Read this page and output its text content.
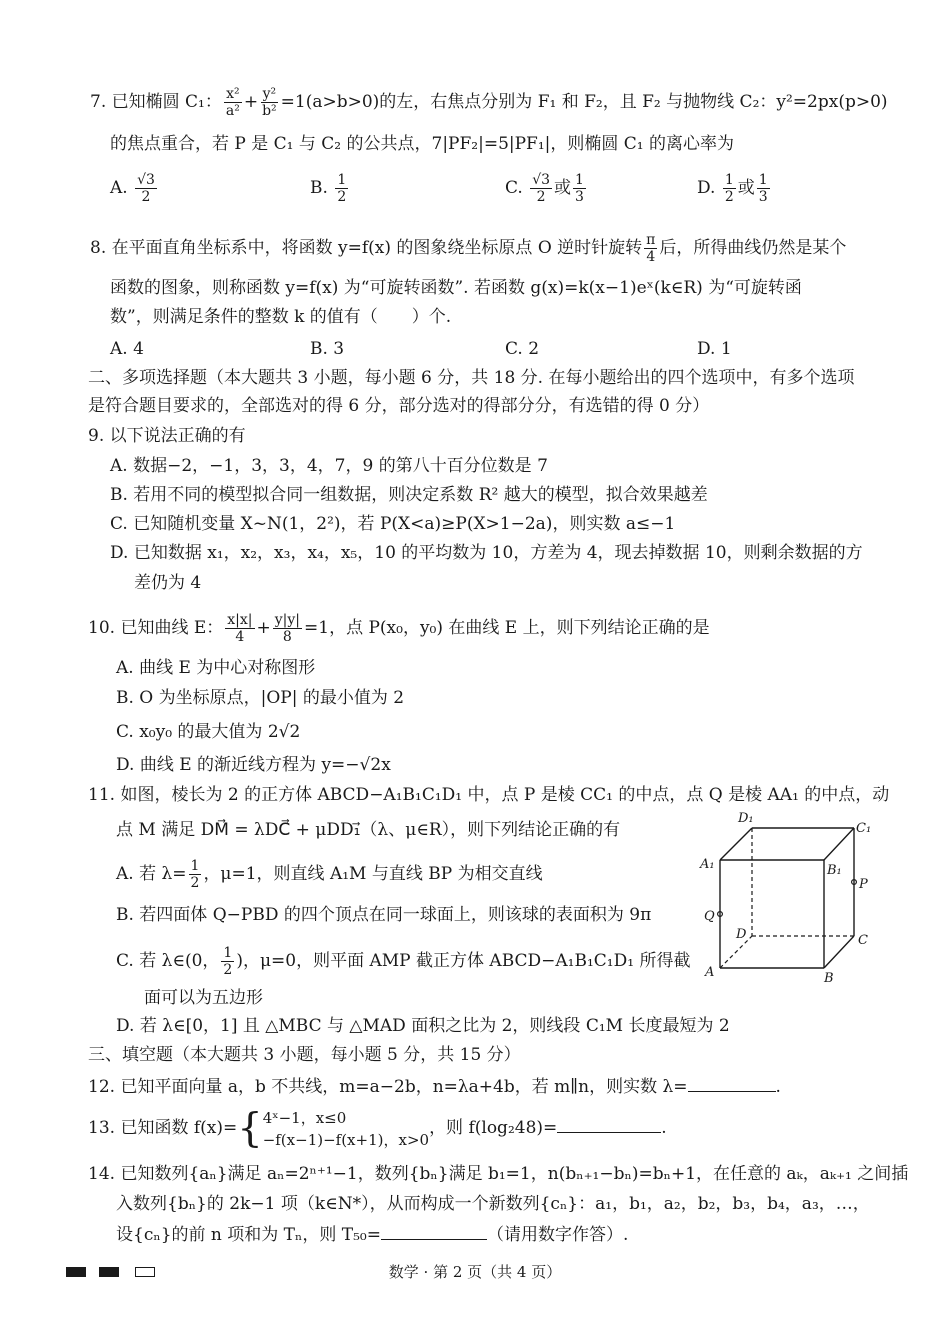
7. 已知椭圆 C₁： $\frac{\text{x²}}{\text{a²}} + \frac{\text{y²}}{\text{b²}} =1(a>b>0)$的左，右焦点分别为 F₁ 和 F₂，且 F₂ 与抛物线 C₂：y²=2px(p>0)
的焦点重合，若 P 是 C₁ 与 C₂ 的公共点，7|PF₂|=5|PF₁|，则椭圆 C₁ 的离心率为
A. $\frac{√3}{2}$	B. $\frac{1}{2}$	C. $\frac{√3}{2}$ 或 $\frac{1}{3}$	D. $\frac{1}{2}$ 或 $\frac{1}{3}$
8. 在平面直角坐标系中，将函数 y=f(x) 的图象绕坐标原点 O 逆时针旋转 $\frac{\pi}{4}$ 后，所得曲线仍然是某个
函数的图象，则称函数 y=f(x) 为“可旋转函数”. 若函数 g(x)=k(x−1)eˣ(k∈R) 为“可旋转函
数”，则满足条件的整数 k 的值有（　　）个.
A. 4	B. 3	C. 2	D. 1
二、多项选择题（本大题共 3 小题，每小题 6 分，共 18 分. 在每小题给出的四个选项中，有多个选项
是符合题目要求的，全部选对的得 6 分，部分选对的得部分分，有选错的得 0 分）
9. 以下说法正确的有
A. 数据−2，−1，3，3，4，7，9 的第八十百分位数是 7
B. 若用不同的模型拟合同一组数据，则决定系数 R² 越大的模型，拟合效果越差
C. 已知随机变量 X~N(1，2²)，若 P(X<a)≥P(X>1−2a)，则实数 a≤−1
D. 已知数据 x₁，x₂，x₃，x₄，x₅，10 的平均数为 10，方差为 4，现去掉数据 10，则剩余数据的方
差仍为 4
10. 已知曲线 E： $\frac{x|x|}{4} + \frac{y|y|}{8} =1$，点 P(x₀，y₀) 在曲线 E 上，则下列结论正确的是
A. 曲线 E 为中心对称图形
B. O 为坐标原点，|OP| 的最小值为 2
C. x₀y₀ 的最大值为 2√2
D. 曲线 E 的渐近线方程为 y=−√2x
11. 如图，棱长为 2 的正方体 ABCD−A₁B₁C₁D₁ 中，点 P 是棱 CC₁ 的中点，点 Q 是棱 AA₁ 的中点，动
点 M 满足 DM⃗ = λDC⃗ + μDD₁⃗（λ、μ∈R），则下列结论正确的有
A. 若 $\lambda= \frac{1}{2}$ ，μ=1，则直线 A₁M 与直线 BP 为相交直线
B. 若四面体 Q−PBD 的四个顶点在同一球面上，则该球的表面积为 9π
C. 若 λ∈(0， $\frac{1}{2}$ )，μ=0，则平面 AMP 截正方体 ABCD−A₁B₁C₁D₁ 所得截
面可以为五边形
D. 若 λ∈[0，1] 且 △MBC 与 △MAD 面积之比为 2，则线段 C₁M 长度最短为 2
D₁
C₁
A₁	B₁
P
Q
D	C
A	B
三、填空题（本大题共 3 小题，每小题 5 分，共 15 分）
12. 已知平面向量 a，b 不共线，m=a−2b，n=λa+4b，若 m∥n，则实数 λ=	.
13. 已知函数 f(x)={ 4ˣ−1，x≤0
−f(x−1)−f(x+1)，x>0
，则 f(log₂48)=	.
14. 已知数列{aₙ}满足 aₙ=2ⁿ⁺¹−1，数列{bₙ}满足 b₁=1，n(bₙ₊₁−bₙ)=bₙ+1，在任意的 aₖ，aₖ₊₁ 之间插
入数列{bₙ}的 2k−1 项（k∈N*），从而构成一个新数列{cₙ}：a₁，b₁，a₂，b₂，b₃，b₄，a₃，…，
设{cₙ}的前 n 项和为 Tₙ，则 T₅₀=	（请用数字作答）.
数学 · 第 2 页（共 4 页）
